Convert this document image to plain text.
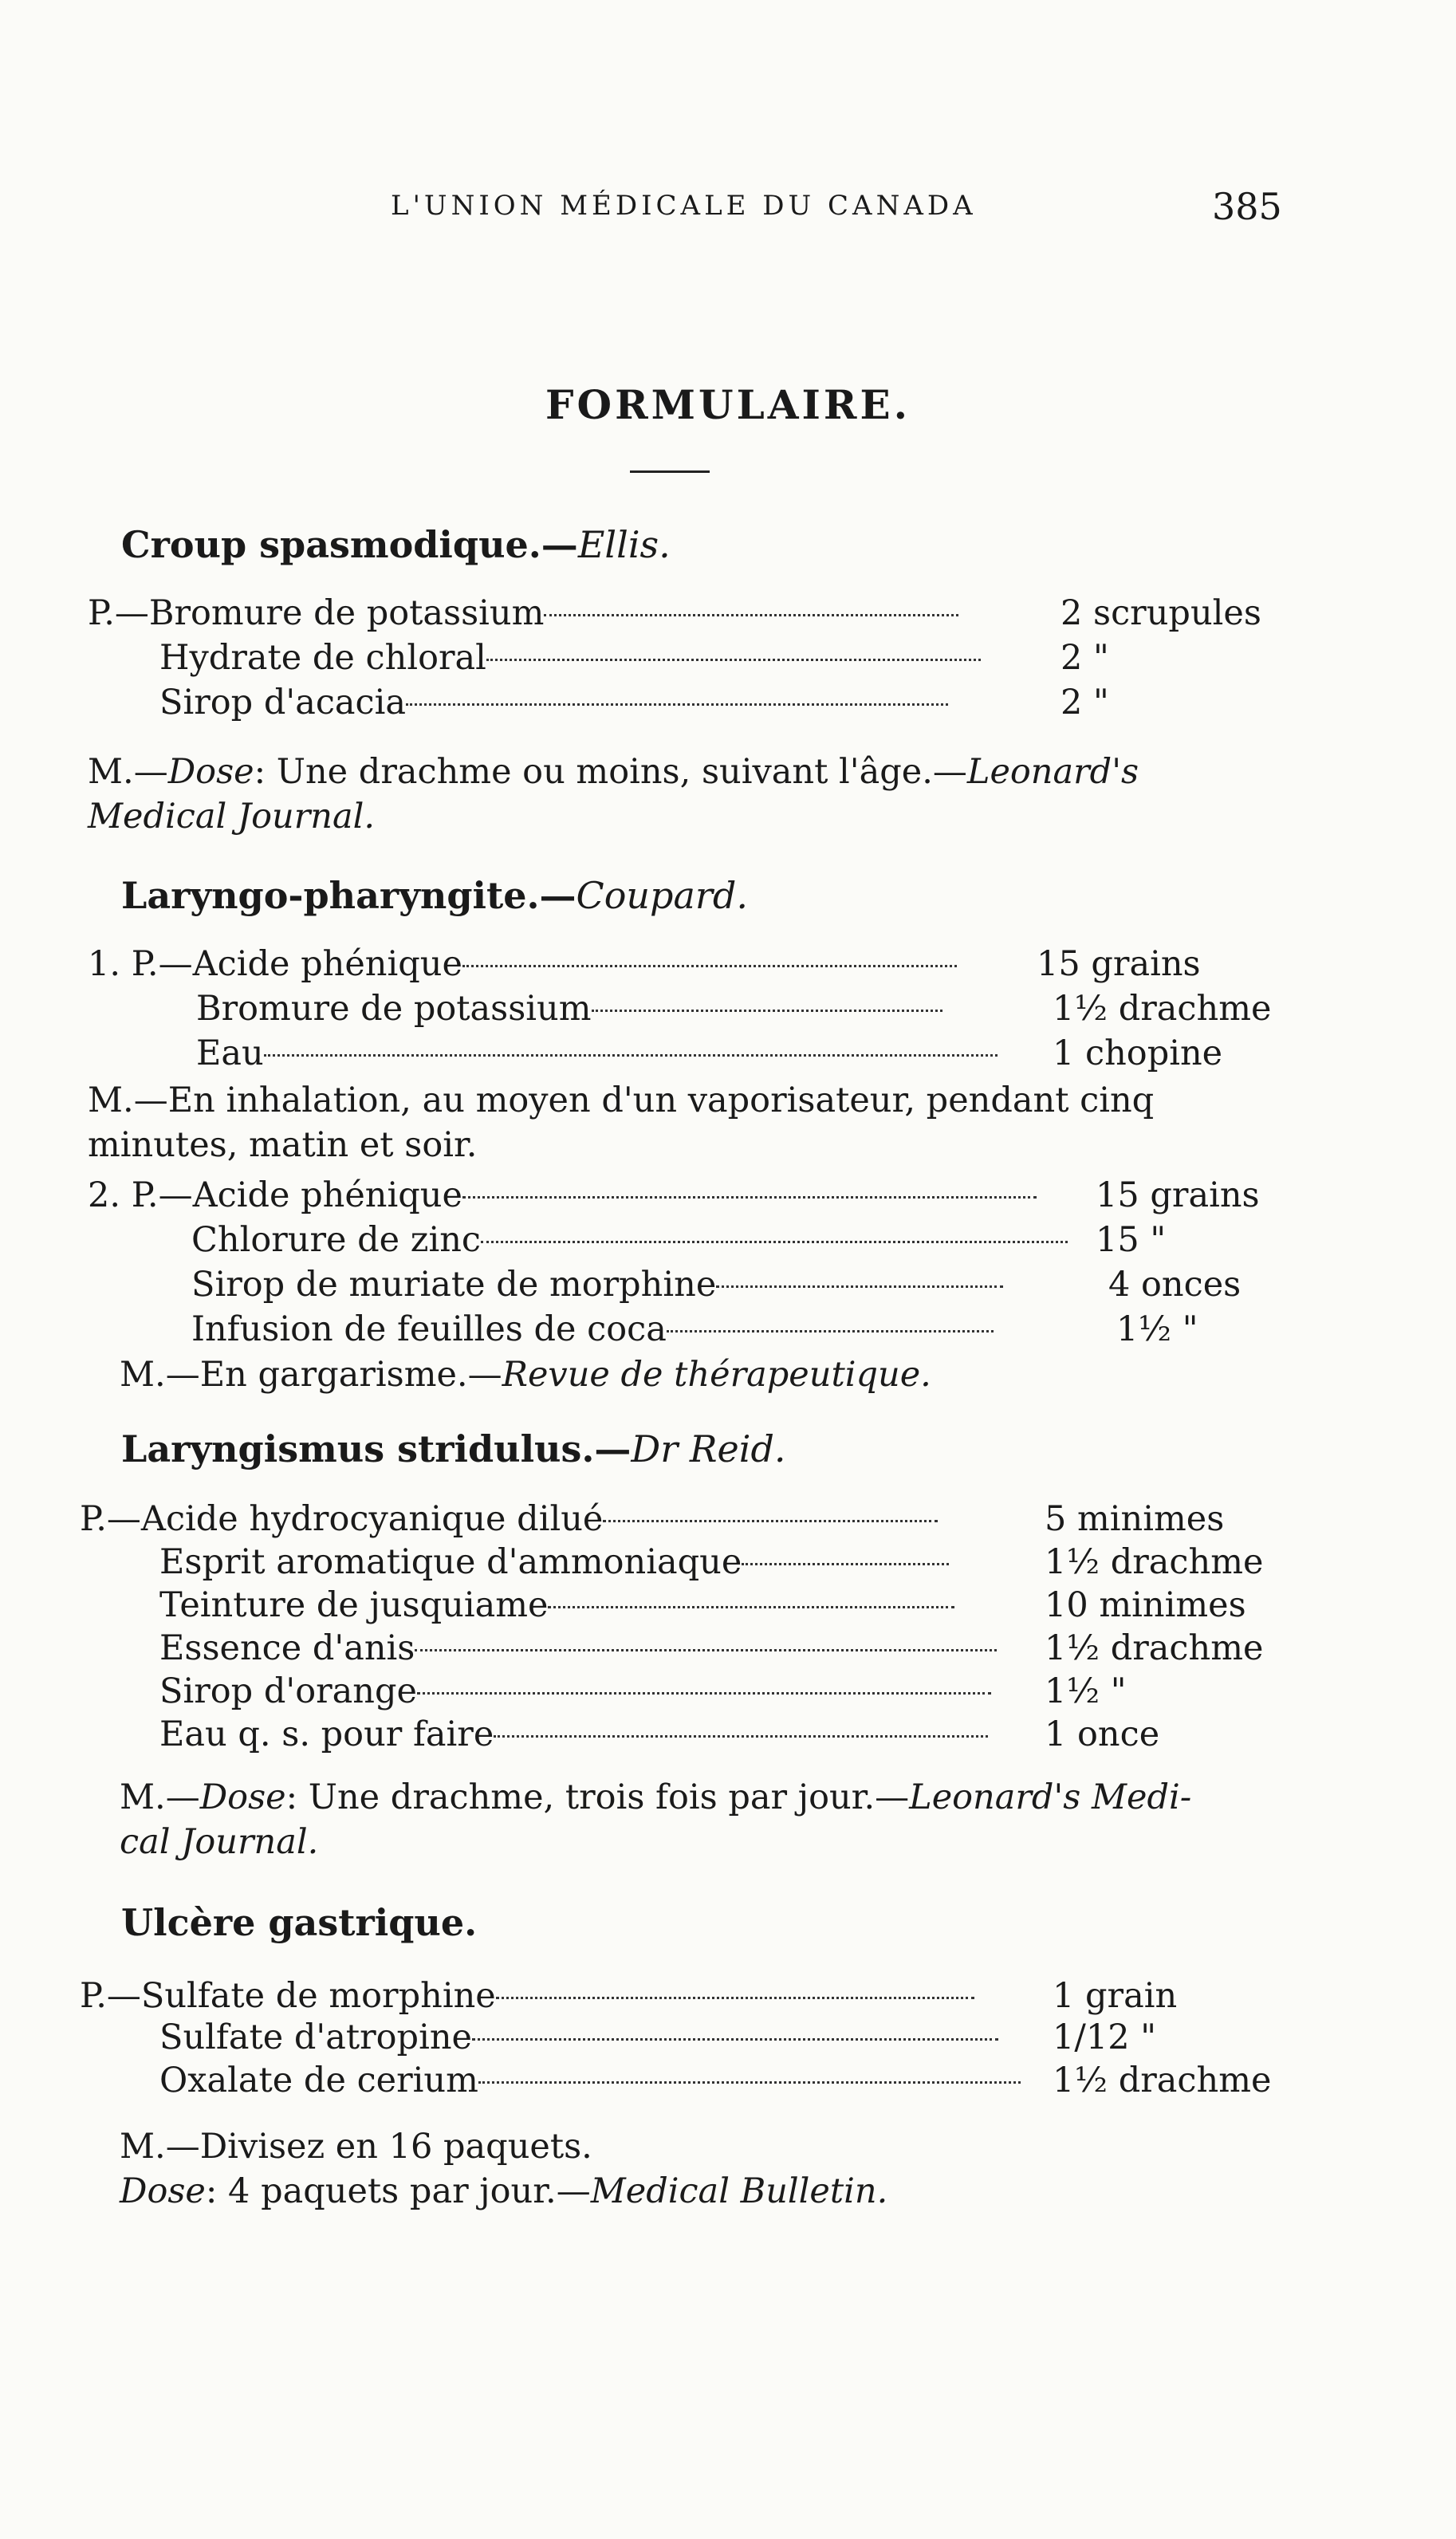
L'UNION MÉDICALE DU CANADA	385
FORMULAIRE.
Croup spasmodique.—Ellis.
P.—Bromure de potassium	2 scrupules
Hydrate de chloral	2 "
Sirop d'acacia	2 "
M.—Dose: Une drachme ou moins, suivant l'âge.—Leonard's
Medical Journal.
Laryngo-pharyngite.—Coupard.
1. P.—Acide phénique	15 grains
Bromure de potassium	1½ drachme
Eau	1 chopine
M.—En inhalation, au moyen d'un vaporisateur, pendant cinq
minutes, matin et soir.
2. P.—Acide phénique	15 grains
Chlorure de zinc	15 "
Sirop de muriate de morphine	4 onces
Infusion de feuilles de coca	1½ "
M.—En gargarisme.—Revue de thérapeutique.
Laryngismus stridulus.—Dr Reid.
P.—Acide hydrocyanique dilué	5 minimes
Esprit aromatique d'ammoniaque	1½ drachme
Teinture de jusquiame	10 minimes
Essence d'anis	1½ drachme
Sirop d'orange	1½ "
Eau q. s. pour faire	1 once
M.—Dose: Une drachme, trois fois par jour.—Leonard's Medi-
cal Journal.
Ulcère gastrique.
P.—Sulfate de morphine	1 grain
Sulfate d'atropine	1/12 "
Oxalate de cerium	1½ drachme
M.—Divisez en 16 paquets.
Dose: 4 paquets par jour.—Medical Bulletin.
